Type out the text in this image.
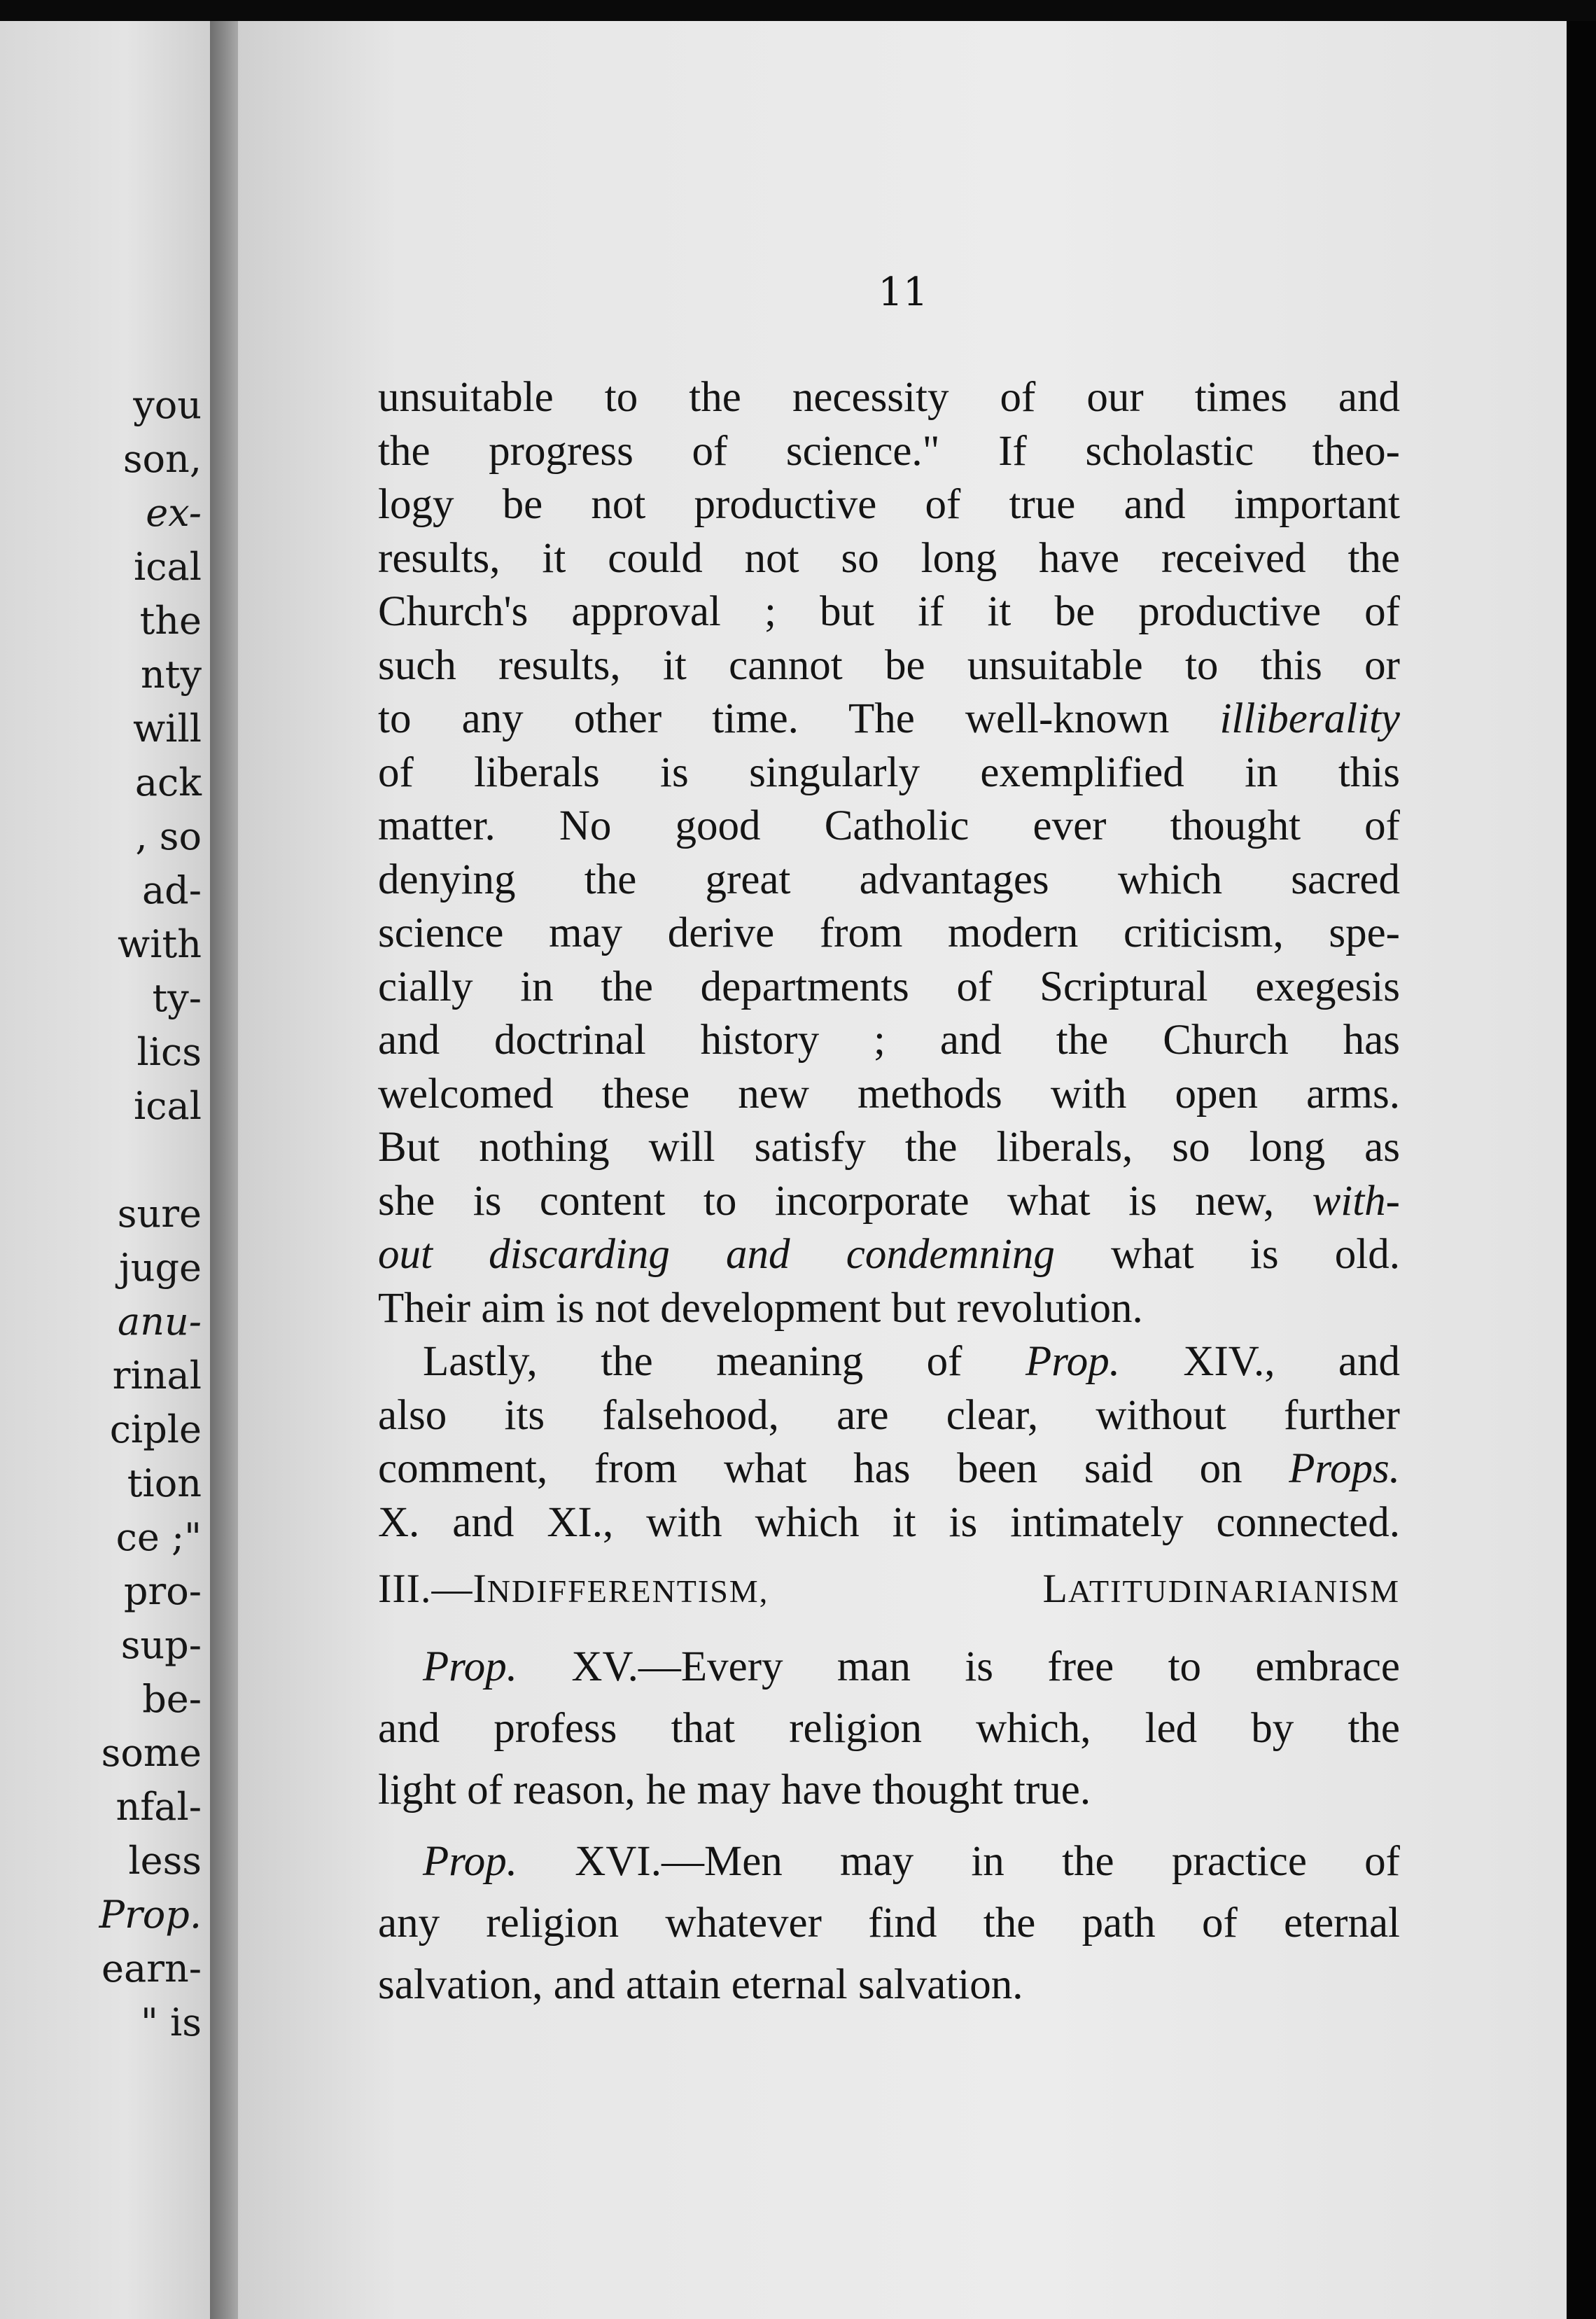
you
son,
ex-
ical
the
nty
will
ack
, so
ad-
with
ty-
lics
ical
sure
juge
anu-
rinal
ciple
tion
ce ;"
pro-
sup-
be-
some
nfal-
less
Prop.
earn-
" is
11
unsuitable to the necessity of our times and
the progress of science." If scholastic theo-
logy be not productive of true and important
results, it could not so long have received the
Church's approval ; but if it be productive of
such results, it cannot be unsuitable to this or
to any other time. The well-known illiberality
of liberals is singularly exemplified in this
matter. No good Catholic ever thought of
denying the great advantages which sacred
science may derive from modern criticism, spe-
cially in the departments of Scriptural exegesis
and doctrinal history ; and the Church has
welcomed these new methods with open arms.
But nothing will satisfy the liberals, so long as
she is content to incorporate what is new, with-
out discarding and condemning what is old.
Their aim is not development but revolution.
Lastly, the meaning of Prop. XIV., and
also its falsehood, are clear, without further
comment, from what has been said on Props.
X. and XI., with which it is intimately connected.
III.—INDIFFERENTISM, LATITUDINARIANISM
Prop. XV.—Every man is free to embrace
and profess that religion which, led by the
light of reason, he may have thought true.
Prop. XVI.—Men may in the practice of
any religion whatever find the path of eternal
salvation, and attain eternal salvation.
